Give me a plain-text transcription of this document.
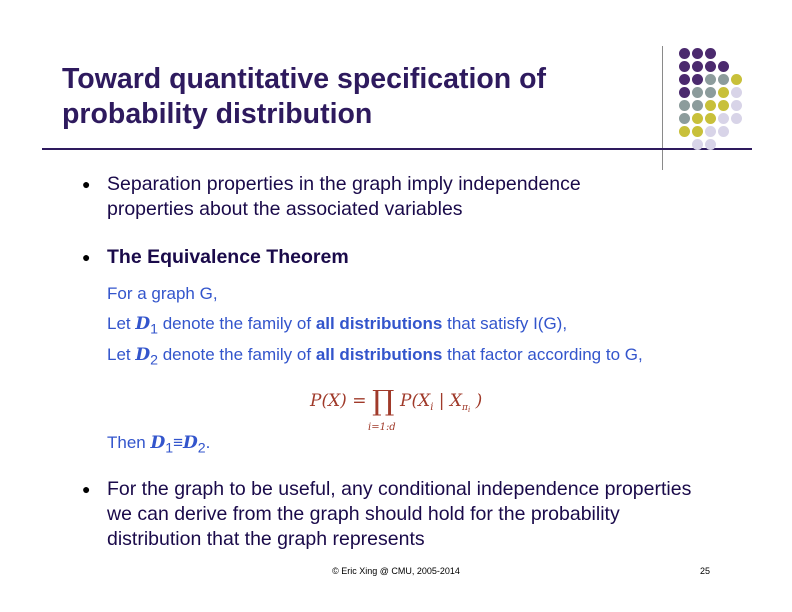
Toward quantitative specification of probability distribution
● Separation properties in the graph imply independence properties about the associated variables

● The Equivalence Theorem

For a graph G,

Let $D_1$ denote the family of all distributions that satisfy I(G),

Let $D_2$ denote the family of all distributions that factor according to G,

P(X) = ∏ $P(X_i$ | $X_\pi i$ )
i=1:d

Then $D_1\equiv D_2$.

● For the graph to be useful, any conditional independence properties we can derive from the graph should hold for the probability distribution that the graph represents

© Eric Xing @ CMU, 2005-2014	25
